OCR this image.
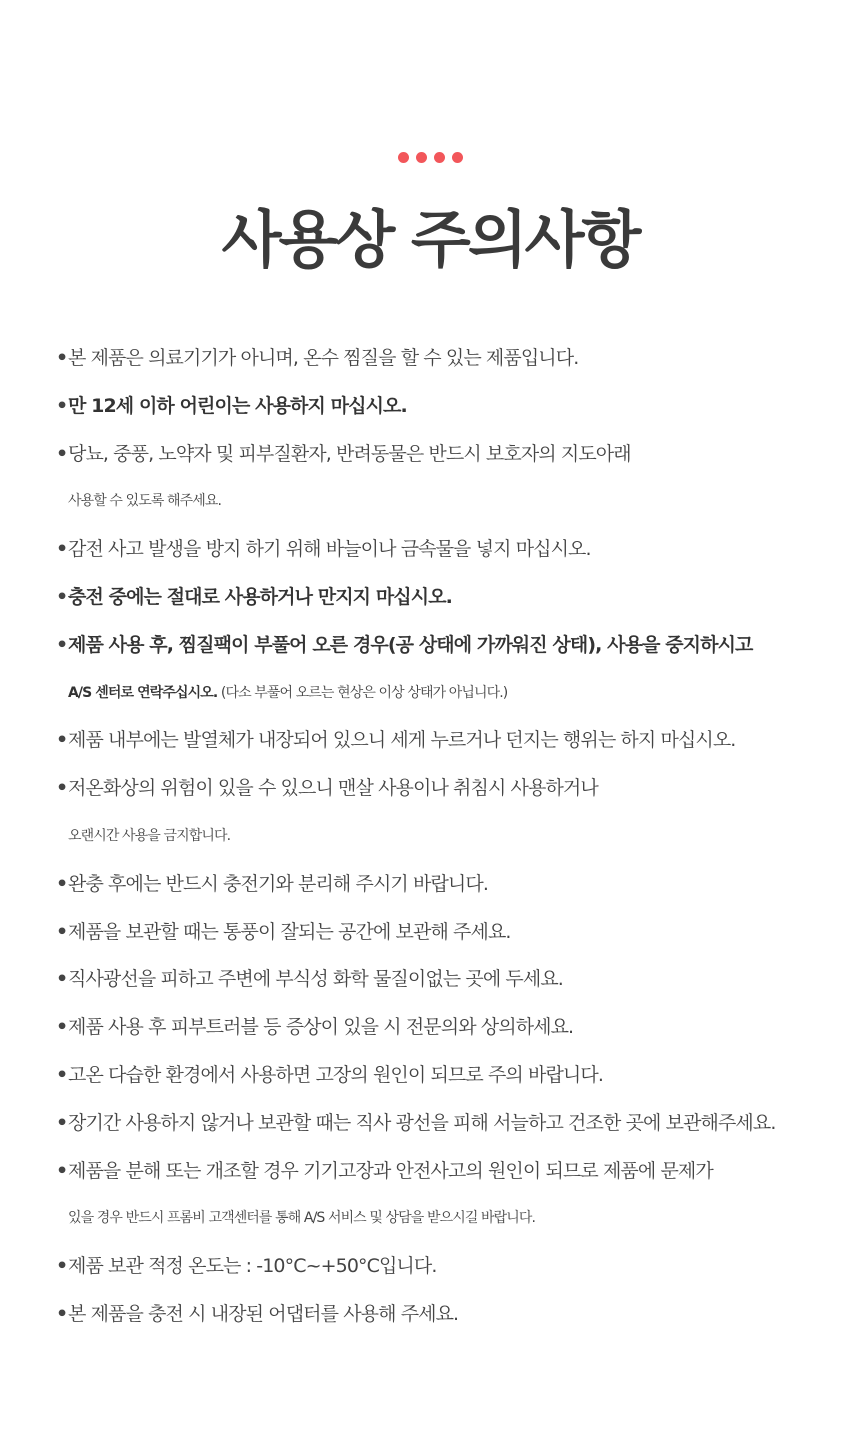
사용상 주의사항
•본 제품은 의료기기가 아니며, 온수 찜질을 할 수 있는 제품입니다.
•만 12세 이하 어린이는 사용하지 마십시오.
•당뇨, 중풍, 노약자 및 피부질환자, 반려동물은 반드시 보호자의 지도아래
사용할 수 있도록 해주세요.
•감전 사고 발생을 방지 하기 위해 바늘이나 금속물을 넣지 마십시오.
•충전 중에는 절대로 사용하거나 만지지 마십시오.
•제품 사용 후, 찜질팩이 부풀어 오른 경우(공 상태에 가까워진 상태), 사용을 중지하시고
A/S 센터로 연락주십시오. (다소 부풀어 오르는 현상은 이상 상태가 아닙니다.)
•제품 내부에는 발열체가 내장되어 있으니 세게 누르거나 던지는 행위는 하지 마십시오.
•저온화상의 위험이 있을 수 있으니 맨살 사용이나 취침시 사용하거나
오랜시간 사용을 금지합니다.
•완충 후에는 반드시 충전기와 분리해 주시기 바랍니다.
•제품을 보관할 때는 통풍이 잘되는 공간에 보관해 주세요.
•직사광선을 피하고 주변에 부식성 화학 물질이없는 곳에 두세요.
•제품 사용 후 피부트러블 등 증상이 있을 시 전문의와 상의하세요.
•고온 다습한 환경에서 사용하면 고장의 원인이 되므로 주의 바랍니다.
•장기간 사용하지 않거나 보관할 때는 직사 광선을 피해 서늘하고 건조한 곳에 보관해주세요.
•제품을 분해 또는 개조할 경우 기기고장과 안전사고의 원인이 되므로 제품에 문제가
있을 경우 반드시 프롬비 고객센터를 통해 A/S 서비스 및 상담을 받으시길 바랍니다.
•제품 보관 적정 온도는 : -10°C~+50°C입니다.
•본 제품을 충전 시 내장된 어댑터를 사용해 주세요.
